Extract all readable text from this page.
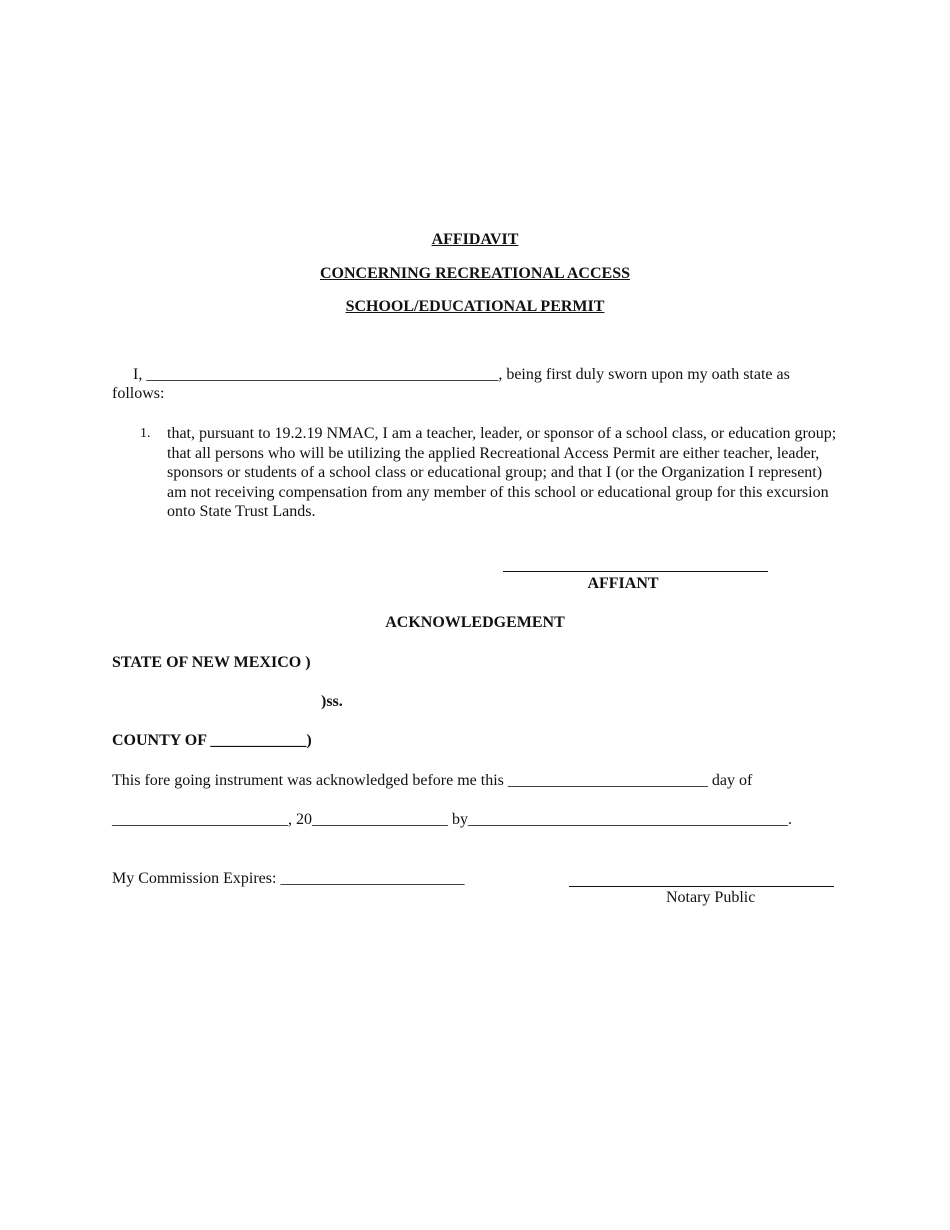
AFFIDAVIT
CONCERNING RECREATIONAL ACCESS
SCHOOL/EDUCATIONAL PERMIT
I, ____________________________________________, being first duly sworn upon my oath state as
follows:
1. that, pursuant to 19.2.19 NMAC, I am a teacher, leader, or sponsor of a school class, or education group; that all persons who will be utilizing the applied Recreational Access Permit are either teacher, leader, sponsors or students of a school class or educational group; and that I (or the Organization I represent) am not receiving compensation from any member of this school or educational group for this excursion onto State Trust Lands.
AFFIANT
ACKNOWLEDGEMENT
STATE OF NEW MEXICO )
)ss.
COUNTY OF ____________)
This fore going instrument was acknowledged before me this _________________________ day of
______________________, 20_________________ by________________________________________.
My Commission Expires: _______________________
Notary Public
